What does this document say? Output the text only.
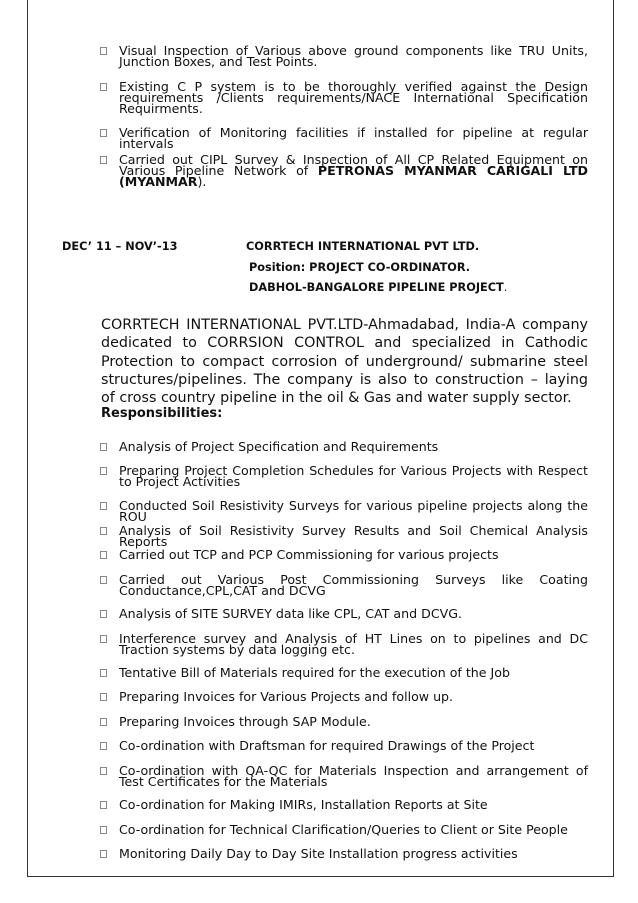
Visual Inspection of Various above ground components like TRU Units, Junction Boxes, and Test Points.
Existing C P system is to be thoroughly verified against the Design requirements /Clients requirements/NACE International Specification Requirments.
Verification of Monitoring facilities if installed for pipeline at regular intervals
Carried out CIPL Survey & Inspection of All CP Related Equipment on Various Pipeline Network of PETRONAS MYANMAR CARIGALI LTD (MYANMAR).
DEC’ 11 – NOV’-13	CORRTECH INTERNATIONAL PVT LTD.
Position: PROJECT CO-ORDINATOR.
DABHOL-BANGALORE PIPELINE PROJECT.
CORRTECH INTERNATIONAL PVT.LTD-Ahmadabad, India-A company dedicated to CORRSION CONTROL and specialized in Cathodic Protection to compact corrosion of underground/ submarine steel structures/pipelines. The company is also to construction – laying of cross country pipeline in the oil & Gas and water supply sector.
Responsibilities:
Analysis of Project Specification and Requirements
Preparing Project Completion Schedules for Various Projects with Respect to Project Activities
Conducted Soil Resistivity Surveys for various pipeline projects along the ROU
Analysis of Soil Resistivity Survey Results and Soil Chemical Analysis Reports
Carried out TCP and PCP Commissioning for various projects
Carried out Various Post Commissioning Surveys like Coating Conductance,CPL,CAT and DCVG
Analysis of SITE SURVEY data like CPL, CAT and DCVG.
Interference survey and Analysis of HT Lines on to pipelines and DC Traction systems by data logging etc.
Tentative Bill of Materials required for the execution of the Job
Preparing Invoices for Various Projects and follow up.
Preparing Invoices through SAP Module.
Co-ordination with Draftsman for required Drawings of the Project
Co-ordination with QA-QC for Materials Inspection and arrangement of Test Certificates for the Materials
Co-ordination for Making IMIRs, Installation Reports at Site
Co-ordination for Technical Clarification/Queries to Client or Site People
Monitoring Daily Day to Day Site Installation progress activities
